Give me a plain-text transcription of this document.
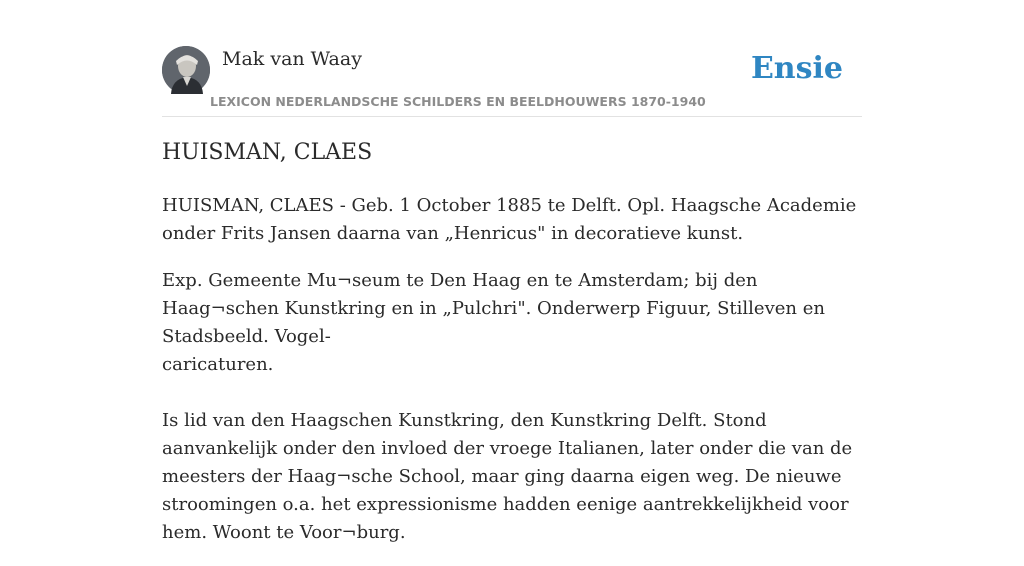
Mak van Waay
LEXICON NEDERLANDSCHE SCHILDERS EN BEELDHOUWERS 1870-1940
Ensie
HUISMAN, CLAES

HUISMAN, CLAES - Geb. 1 October 1885 te Delft. Opl. Haagsche Academie onder Frits Jansen daarna van „Henricus" in decoratieve kunst.

Exp. Gemeente Mu¬seum te Den Haag en te Amsterdam; bij den Haag¬schen Kunstkring en in „Pulchri". Onderwerp Figuur, Stilleven en Stadsbeeld. Vogel-
caricaturen.

Is lid van den Haagschen Kunstkring, den Kunstkring Delft. Stond aanvankelijk onder den invloed der vroege Italianen, later onder die van de meesters der Haag¬sche School, maar ging daarna eigen weg. De nieuwe stroomingen o.a. het expressionisme hadden eenige aantrekkelijkheid voor hem. Woont te Voor¬burg.
